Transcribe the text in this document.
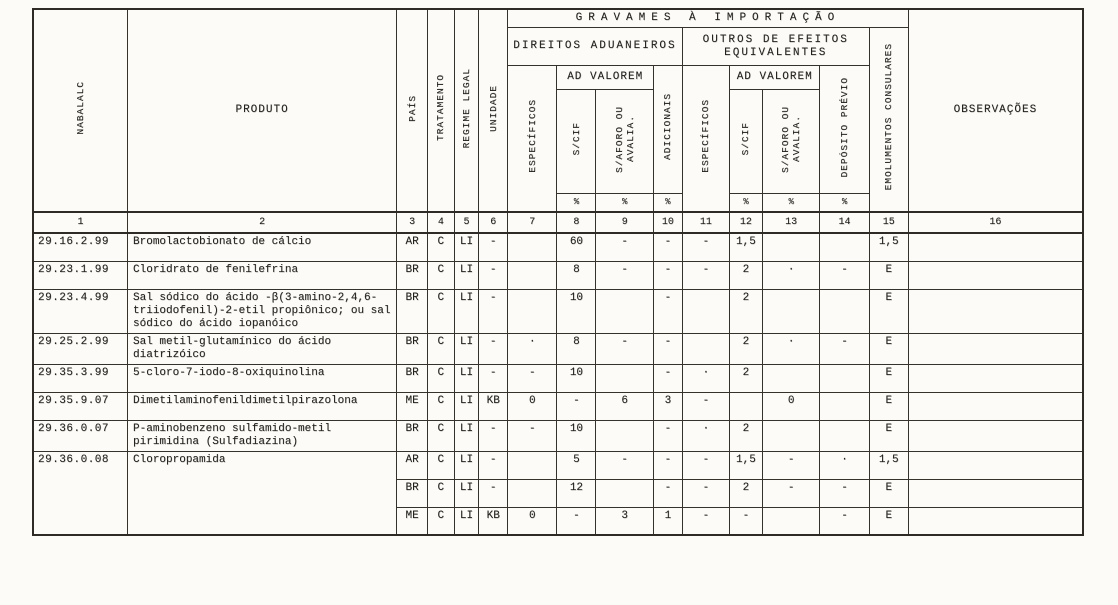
NABALALC	PRODUTO	PAÍS	TRATAMENTO	REGIME LEGAL	UNIDADE	GRAVAMES À IMPORTAÇÃO									OBSERVAÇÕES
						DIREITOS ADUANEIROS				OUTROS DE EFEITOS EQUIVALENTES				EMOLUMENTOS CONSULARES	
						ESPECÍFICOS	AD VALOREM		ADICIONAIS	ESPECÍFICOS	AD VALOREM		DEPÓSITO PRÉVIO		
							S/CIF	S/AFORO OU AVALIA.			S/CIF	S/AFORO OU AVALIA.			
							%	%	%		%	%	%		
1	2	3	4	5	6	7	8	9	10	11	12	13	14	15	16
29.16.2.99	Bromolactobionato de cálcio	AR	C	LI	-		60	-	-	-	1,5			1,5	
29.23.1.99	Cloridrato de fenilefrina	BR	C	LI	-		8	-	-	-	2	·	-	E	
29.23.4.99	Sal sódico do ácido -β(3-amino-2,4,6-triiodofenil)-2-etil propiônico; ou sal sódico do ácido iopanóico	BR	C	LI	-		10		-		2			E	
29.25.2.99	Sal metil-glutamínico do ácido diatrizóico	BR	C	LI	-	·	8	-	-		2	·	-	E	
29.35.3.99	5-cloro-7-iodo-8-oxiquinolina	BR	C	LI	-	-	10		-	·	2			E	
29.35.9.07	Dimetilaminofenildimetilpirazolona	ME	C	LI	KB	0	-	6	3	-		0		E	
29.36.0.07	P-aminobenzeno sulfamido-metil pirimidina (Sulfadiazina)	BR	C	LI	-	-	10		-	·	2			E	
29.36.0.08	Cloropropamida	AR	C	LI	-		5	-	-	-	1,5	-	·	1,5	
		BR	C	LI	-		12		-	-	2	-	-	E	
		ME	C	LI	KB	0	-	3	1	-	-		-	E	
